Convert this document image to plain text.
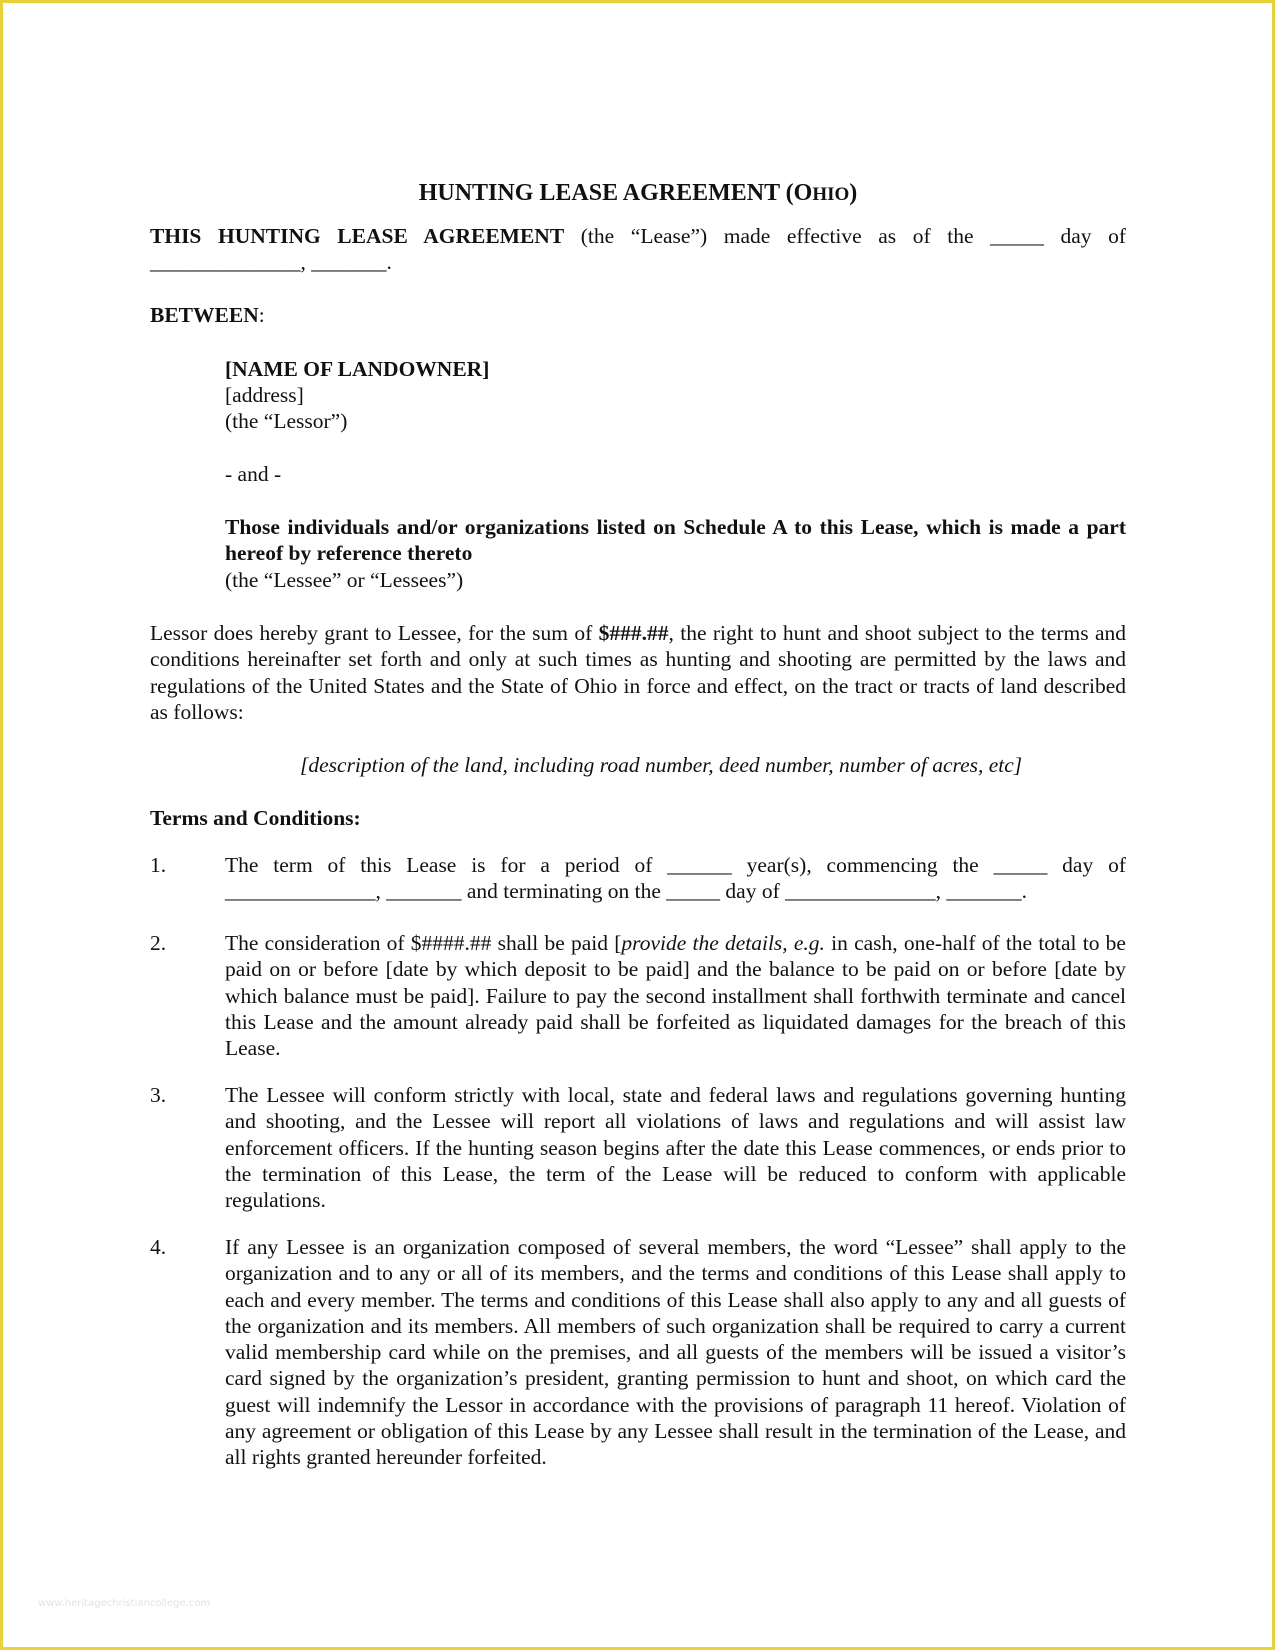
HUNTING LEASE AGREEMENT (OHIO)
THIS HUNTING LEASE AGREEMENT (the “Lease”) made effective as of the _____ day of
______________, _______.
BETWEEN:
[NAME OF LANDOWNER]
[address]
(the “Lessor”)
- and -
Those individuals and/or organizations listed on Schedule A to this Lease, which is made a part hereof by reference thereto
(the “Lessee” or “Lessees”)
Lessor does hereby grant to Lessee, for the sum of $###.##, the right to hunt and shoot subject to the terms and conditions hereinafter set forth and only at such times as hunting and shooting are permitted by the laws and regulations of the United States and the State of Ohio in force and effect, on the tract or tracts of land described as follows:
[description of the land, including road number, deed number, number of acres, etc]
Terms and Conditions:
1.	The term of this Lease is for a period of ______ year(s), commencing the _____ day of
______________, _______ and terminating on the _____ day of ______________, _______.
2.	The consideration of $####.## shall be paid [provide the details, e.g. in cash, one-half of the total to be paid on or before [date by which deposit to be paid] and the balance to be paid on or before [date by which balance must be paid]. Failure to pay the second installment shall forthwith terminate and cancel this Lease and the amount already paid shall be forfeited as liquidated damages for the breach of this Lease.
3.	The Lessee will conform strictly with local, state and federal laws and regulations governing hunting and shooting, and the Lessee will report all violations of laws and regulations and will assist law enforcement officers. If the hunting season begins after the date this Lease commences, or ends prior to the termination of this Lease, the term of the Lease will be reduced to conform with applicable regulations.
4.	If any Lessee is an organization composed of several members, the word “Lessee” shall apply to the organization and to any or all of its members, and the terms and conditions of this Lease shall apply to each and every member. The terms and conditions of this Lease shall also apply to any and all guests of the organization and its members. All members of such organization shall be required to carry a current valid membership card while on the premises, and all guests of the members will be issued a visitor’s card signed by the organization’s president, granting permission to hunt and shoot, on which card the guest will indemnify the Lessor in accordance with the provisions of paragraph 11 hereof. Violation of any agreement or obligation of this Lease by any Lessee shall result in the termination of the Lease, and all rights granted hereunder forfeited.
www.heritagechristiancollege.com
